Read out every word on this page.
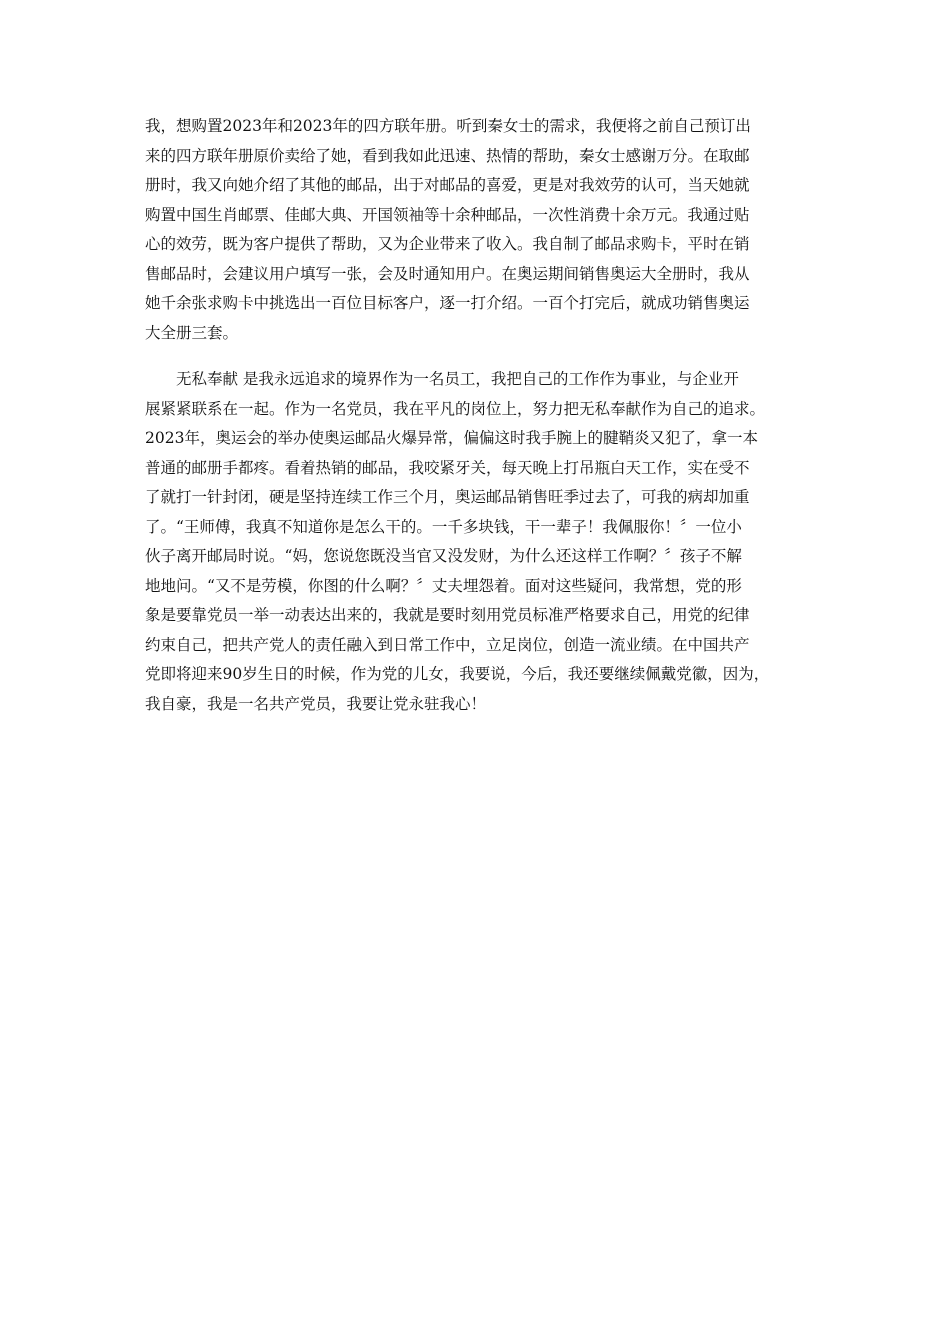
我，想购置2023年和2023年的四方联年册。听到秦女士的需求，我便将之前自己预订出
来的四方联年册原价卖给了她，看到我如此迅速、热情的帮助，秦女士感谢万分。在取邮
册时，我又向她介绍了其他的邮品，出于对邮品的喜爱，更是对我效劳的认可，当天她就
购置中国生肖邮票、佳邮大典、开国领袖等十余种邮品，一次性消费十余万元。我通过贴
心的效劳，既为客户提供了帮助，又为企业带来了收入。我自制了邮品求购卡，平时在销
售邮品时，会建议用户填写一张，会及时通知用户。在奥运期间销售奥运大全册时，我从
她千余张求购卡中挑选出一百位目标客户，逐一打介绍。一百个打完后，就成功销售奥运
大全册三套。
　　无私奉献 是我永远追求的境界作为一名员工，我把自己的工作作为事业，与企业开
展紧紧联系在一起。作为一名党员，我在平凡的岗位上，努力把无私奉献作为自己的追求。
2023年，奥运会的举办使奥运邮品火爆异常，偏偏这时我手腕上的腱鞘炎又犯了，拿一本
普通的邮册手都疼。看着热销的邮品，我咬紧牙关，每天晚上打吊瓶白天工作，实在受不
了就打一针封闭，硬是坚持连续工作三个月，奥运邮品销售旺季过去了，可我的病却加重
了。“王师傅，我真不知道你是怎么干的。一千多块钱，干一辈子！我佩服你！〞一位小
伙子离开邮局时说。“妈，您说您既没当官又没发财，为什么还这样工作啊？〞孩子不解
地地问。“又不是劳模，你图的什么啊？〞丈夫埋怨着。面对这些疑问，我常想，党的形
象是要靠党员一举一动表达出来的，我就是要时刻用党员标准严格要求自己，用党的纪律
约束自己，把共产党人的责任融入到日常工作中，立足岗位，创造一流业绩。在中国共产
党即将迎来90岁生日的时候，作为党的儿女，我要说，今后，我还要继续佩戴党徽，因为，
我自豪，我是一名共产党员，我要让党永驻我心！
